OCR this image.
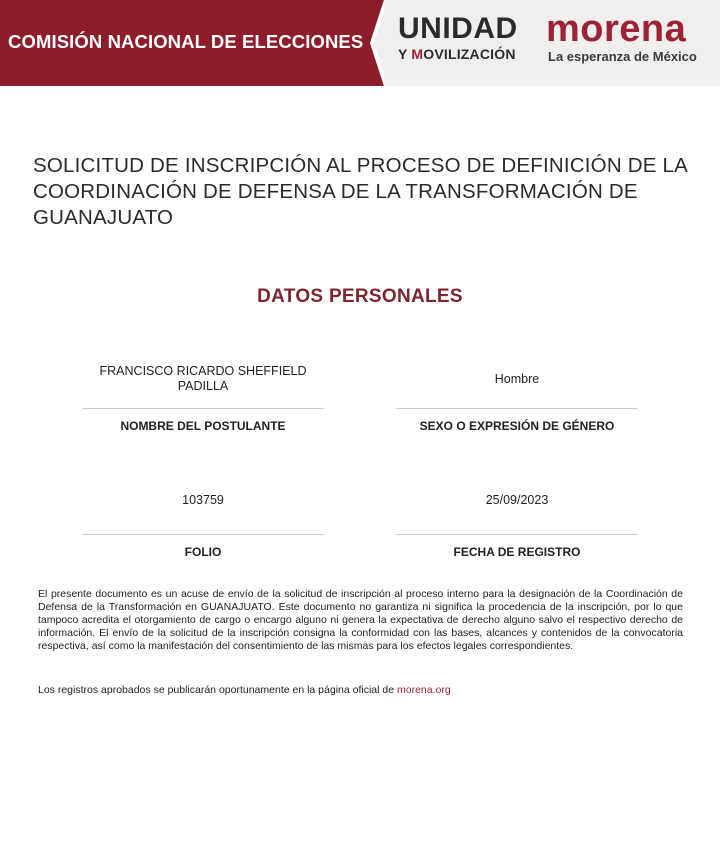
COMISIÓN NACIONAL DE ELECCIONES UNIDAD
Y MOVILIZACIÓN
morena
La esperanza de México
SOLICITUD DE INSCRIPCIÓN AL PROCESO DE DEFINICIÓN DE LA COORDINACIÓN DE DEFENSA DE LA TRANSFORMACIÓN DE GUANAJUATO
DATOS PERSONALES
FRANCISCO RICARDO SHEFFIELD PADILLA
NOMBRE DEL POSTULANTE
Hombre
SEXO O EXPRESIÓN DE GÉNERO
103759
FOLIO
25/09/2023
FECHA DE REGISTRO

El presente documento es un acuse de envío de la solicitud de inscripción al proceso interno para la designación de la Coordinación de Defensa de la Transformación en GUANAJUATO. Este documento no garantiza ni significa la procedencia de la inscripción, por lo que tampoco acredita el otorgamiento de cargo o encargo alguno ni genera la expectativa de derecho alguno salvo el respectivo derecho de información. El envío de la solicitud de la inscripción consigna la conformidad con las bases, alcances y contenidos de la convocatoria respectiva, así como la manifestación del consentimiento de las mismas para los efectos legales correspondientes.

Los registros aprobados se publicarán oportunamente en la página oficial de morena.org
